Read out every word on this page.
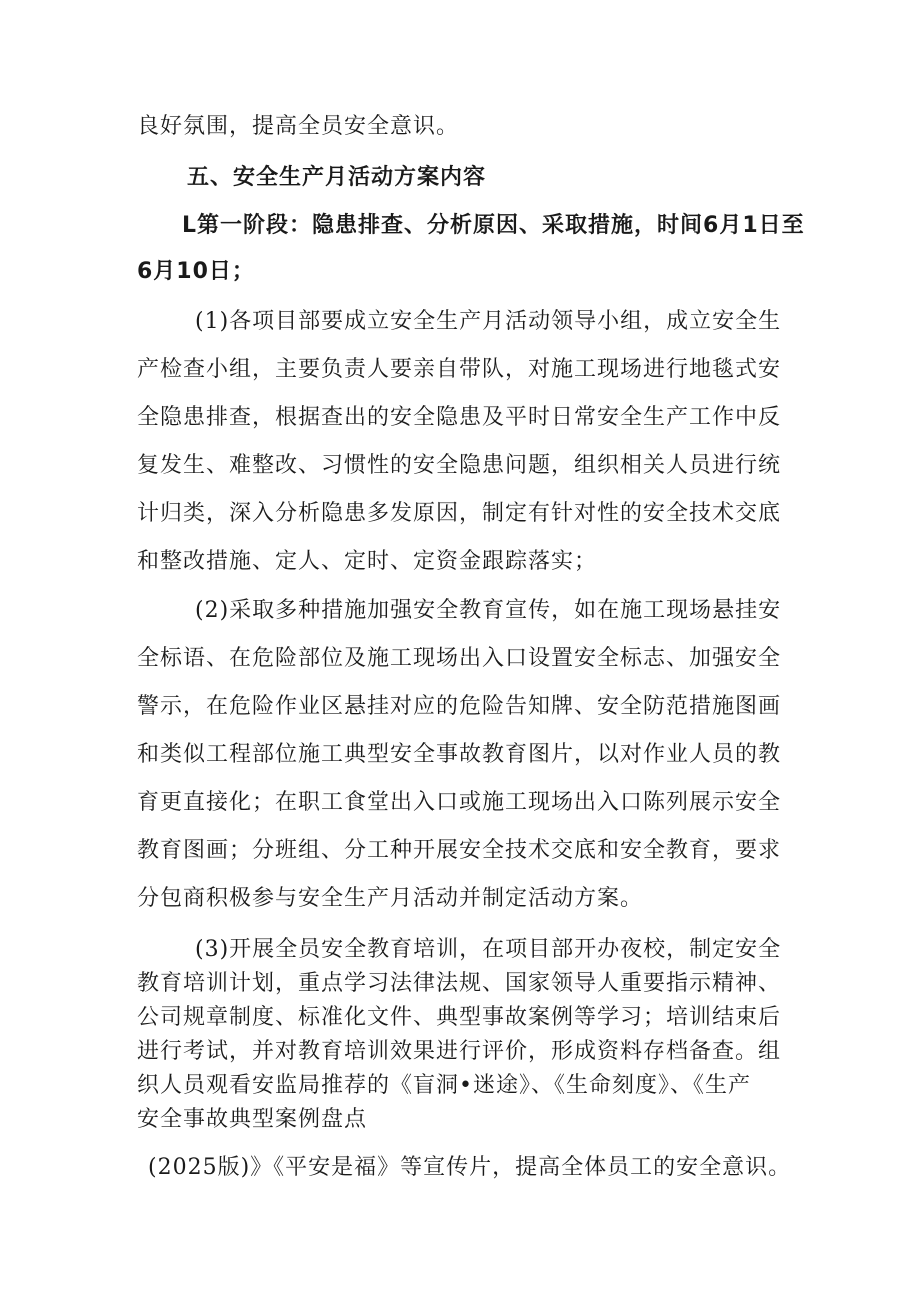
良好氛围，提高全员安全意识。
五、安全生产月活动方案内容
L第一阶段：隐患排查、分析原因、采取措施，时间6月1日至
6月10日；
(1)各项目部要成立安全生产月活动领导小组，成立安全生
产检查小组，主要负责人要亲自带队，对施工现场进行地毯式安
全隐患排查，根据查出的安全隐患及平时日常安全生产工作中反
复发生、难整改、习惯性的安全隐患问题，组织相关人员进行统
计归类，深入分析隐患多发原因，制定有针对性的安全技术交底
和整改措施、定人、定时、定资金跟踪落实；
(2)采取多种措施加强安全教育宣传，如在施工现场悬挂安
全标语、在危险部位及施工现场出入口设置安全标志、加强安全
警示，在危险作业区悬挂对应的危险告知牌、安全防范措施图画
和类似工程部位施工典型安全事故教育图片，以对作业人员的教
育更直接化；在职工食堂出入口或施工现场出入口陈列展示安全
教育图画；分班组、分工种开展安全技术交底和安全教育，要求
分包商积极参与安全生产月活动并制定活动方案。
(3)开展全员安全教育培训，在项目部开办夜校，制定安全
教育培训计划，重点学习法律法规、国家领导人重要指示精神、
公司规章制度、标准化文件、典型事故案例等学习；培训结束后
进行考试，并对教育培训效果进行评价，形成资料存档备查。组
织人员观看安监局推荐的《盲洞•迷途》、《生命刻度》、《生产
安全事故典型案例盘点
(2025版)》《平安是福》等宣传片，提高全体员工的安全意识。
